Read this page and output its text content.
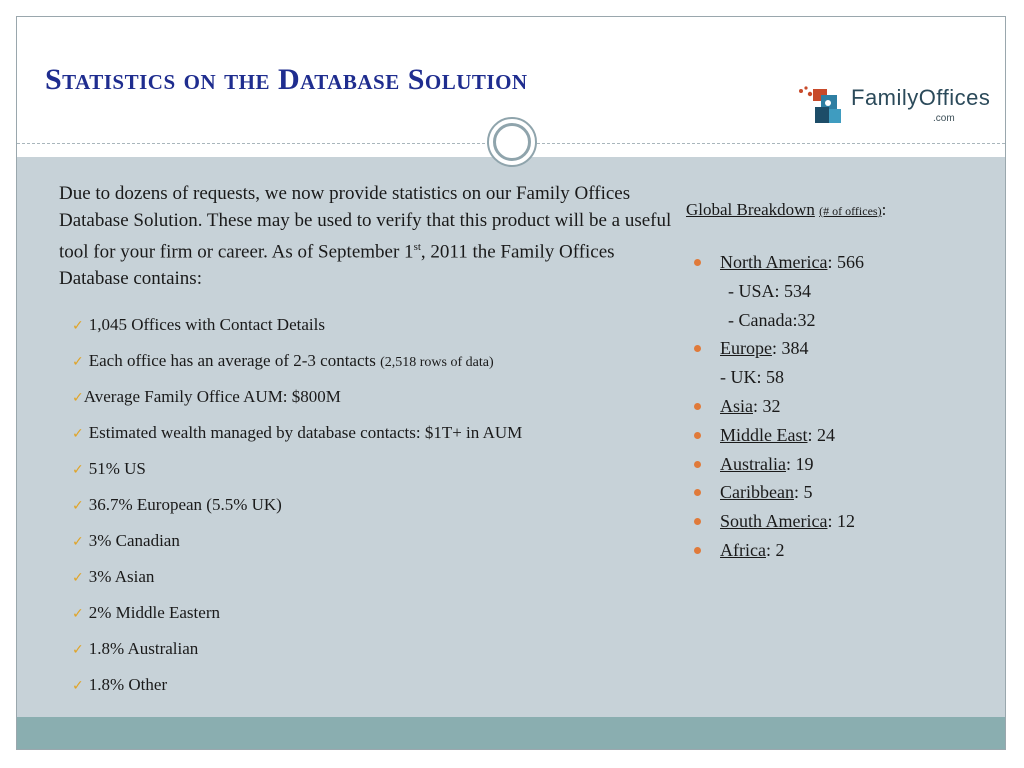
Statistics on the Database Solution
FamilyOffices
.com
Due to dozens of requests, we now provide statistics on our Family Offices Database Solution. These may be used to verify that this product will be a useful tool for your firm or career. As of September 1st, 2011 the Family Offices Database contains:
✓ 1,045 Offices with Contact Details
✓ Each office has an average of 2-3 contacts (2,518 rows of data)
✓Average Family Office AUM: $800M
✓ Estimated wealth managed by database contacts: $1T+ in AUM
✓ 51% US
✓ 36.7% European (5.5% UK)
✓ 3% Canadian
✓ 3% Asian
✓ 2% Middle Eastern
✓ 1.8% Australian
✓ 1.8% Other
Global Breakdown (# of offices):
North America: 566
- USA: 534
- Canada:32
Europe: 384
- UK: 58
Asia: 32
Middle East: 24
Australia: 19
Caribbean: 5
South America: 12
Africa: 2
